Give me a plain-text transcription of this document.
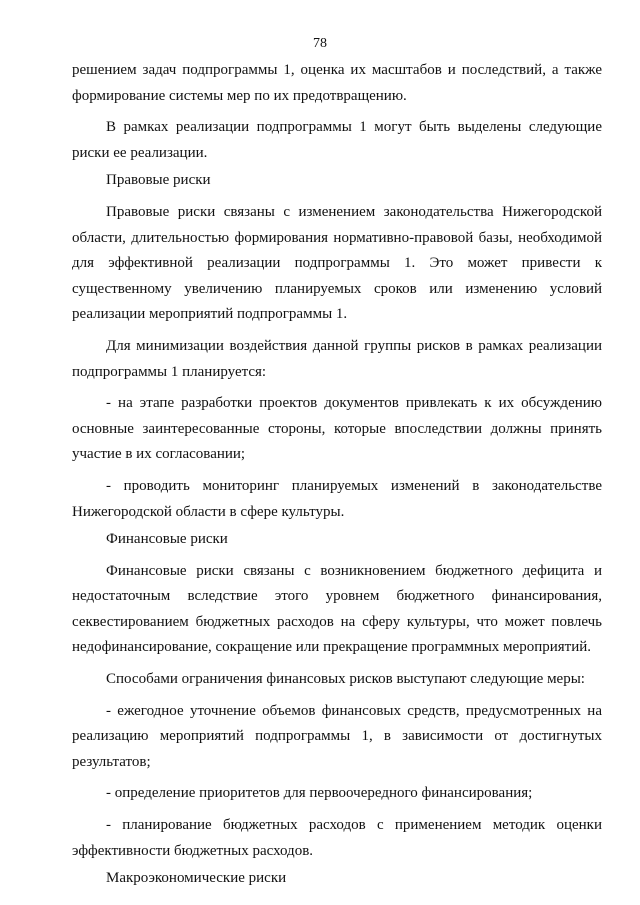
78

решением задач подпрограммы 1, оценка их масштабов и последствий, а также формирование системы мер по их предотвращению.

В рамках реализации подпрограммы 1 могут быть выделены следующие риски ее реализации.

Правовые риски

Правовые риски связаны с изменением законодательства Нижегородской области, длительностью формирования нормативно-правовой базы, необходимой для эффективной реализации подпрограммы 1. Это может привести к существенному увеличению планируемых сроков или изменению условий реализации мероприятий подпрограммы 1.

Для минимизации воздействия данной группы рисков в рамках реализации подпрограммы 1 планируется:

- на этапе разработки проектов документов привлекать к их обсуждению основные заинтересованные стороны, которые впоследствии должны принять участие в их согласовании;

- проводить мониторинг планируемых изменений в законодательстве Нижегородской области в сфере культуры.

Финансовые риски

Финансовые риски связаны с возникновением бюджетного дефицита и недостаточным вследствие этого уровнем бюджетного финансирования, секвестированием бюджетных расходов на сферу культуры, что может повлечь недофинансирование, сокращение или прекращение программных мероприятий.

Способами ограничения финансовых рисков выступают следующие меры:

- ежегодное уточнение объемов финансовых средств, предусмотренных на реализацию мероприятий подпрограммы 1, в зависимости от достигнутых результатов;

- определение приоритетов для первоочередного финансирования;

- планирование бюджетных расходов с применением методик оценки эффективности бюджетных расходов.

Макроэкономические риски
